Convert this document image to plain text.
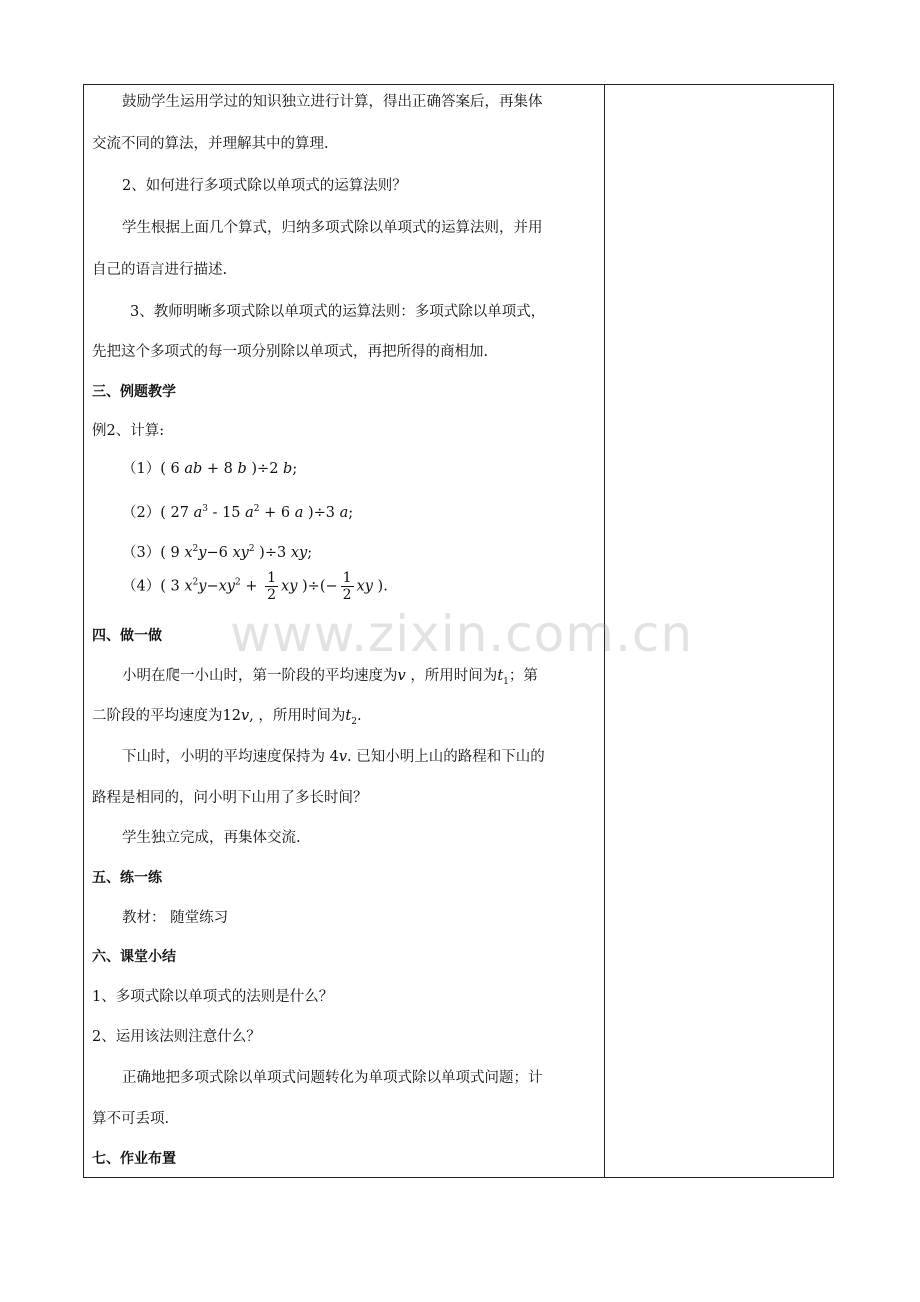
www.zixin.com.cn
鼓励学生运用学过的知识独立进行计算，得出正确答案后，再集体
交流不同的算法，并理解其中的算理.
2、如何进行多项式除以单项式的运算法则？
学生根据上面几个算式，归纳多项式除以单项式的运算法则，并用
自己的语言进行描述.
3、教师明晰多项式除以单项式的运算法则：多项式除以单项式，
先把这个多项式的每一项分别除以单项式，再把所得的商相加.
三、例题教学
例2、计算:
（1）( 6 ab + 8 b )÷2 b;
（2）( 27 $a^3 - 15$ $a^2 + 6$ a )÷3 a;
（3）( 9 $x^2y-6$ $xy^2$ )÷3 xy;
（4）( 3 $x^2y-xy^2 + \frac{1}{2}$ xy )÷(− $\frac{1}{2}$ xy ).
四、做一做
小明在爬一小山时，第一阶段的平均速度为v ，所用时间为$t_1$；第
二阶段的平均速度为12v, ，所用时间为$t_2$.
下山时，小明的平均速度保持为 4v. 已知小明上山的路程和下山的
路程是相同的，问小明下山用了多长时间？
学生独立完成，再集体交流.
五、练一练
教材： 随堂练习
六、课堂小结
1、多项式除以单项式的法则是什么？
2、运用该法则注意什么？
正确地把多项式除以单项式问题转化为单项式除以单项式问题；计
算不可丢项.
七、作业布置
